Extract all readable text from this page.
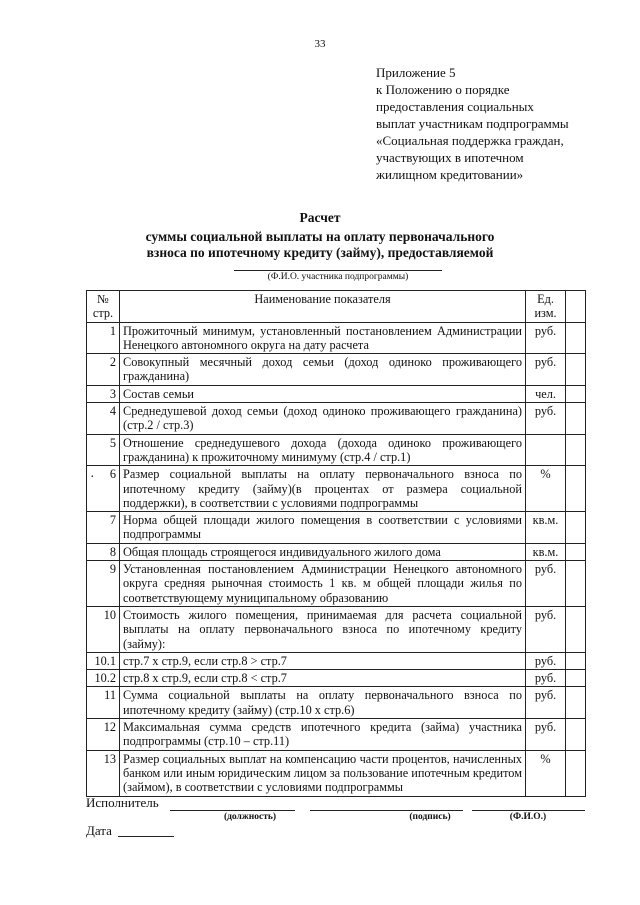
33
Приложение 5
к Положению о порядке
предоставления социальных
выплат участникам подпрограммы
«Социальная поддержка граждан,
участвующих в ипотечном
жилищном кредитовании»
Расчет
суммы социальной выплаты на оплату первоначального
взноса по ипотечному кредиту (займу), предоставляемой
(Ф.И.О. участника подпрограммы)
№ стр.	Наименование показателя	Ед. изм.	
1	Прожиточный минимум, установленный постановлением Администрации Ненецкого автономного округа на дату расчета	руб.	
2	Совокупный месячный доход семьи (доход одиноко проживающего гражданина)	руб.	
3	Состав семьи	чел.	
4	Среднедушевой доход семьи (доход одиноко проживающего гражданина) (стр.2 / стр.3)	руб.	
5	Отношение среднедушевого дохода (дохода одиноко проживающего гражданина) к прожиточному минимуму (стр.4 / стр.1)		
6	Размер социальной выплаты на оплату первоначального взноса по ипотечному кредиту (займу)(в процентах от размера социальной поддержки), в соответствии с условиями подпрограммы	%	
7	Норма общей площади жилого помещения в соответствии с условиями подпрограммы	кв.м.	
8	Общая площадь строящегося индивидуального жилого дома	кв.м.	
9	Установленная постановлением Администрации Ненецкого автономного округа средняя рыночная стоимость 1 кв. м общей площади жилья по соответствующему муниципальному образованию	руб.	
10	Стоимость жилого помещения, принимаемая для расчета социальной выплаты на оплату первоначального взноса по ипотечному кредиту (займу):	руб.	
10.1	стр.7 х стр.9, если стр.8 > стр.7	руб.	
10.2	стр.8 х стр.9, если стр.8 < стр.7	руб.	
11	Сумма социальной выплаты на оплату первоначального взноса по ипотечному кредиту (займу) (стр.10 х стр.6)	руб.	
12	Максимальная сумма средств ипотечного кредита (займа) участника подпрограммы (стр.10 – стр.11)	руб.	
13	Размер социальных выплат на компенсацию части процентов, начисленных банком или иным юридическим лицом за пользование ипотечным кредитом (займом), в соответствии с условиями подпрограммы	%	
·
Исполнитель
(должность)	(подпись)	(Ф.И.О.)
Дата
